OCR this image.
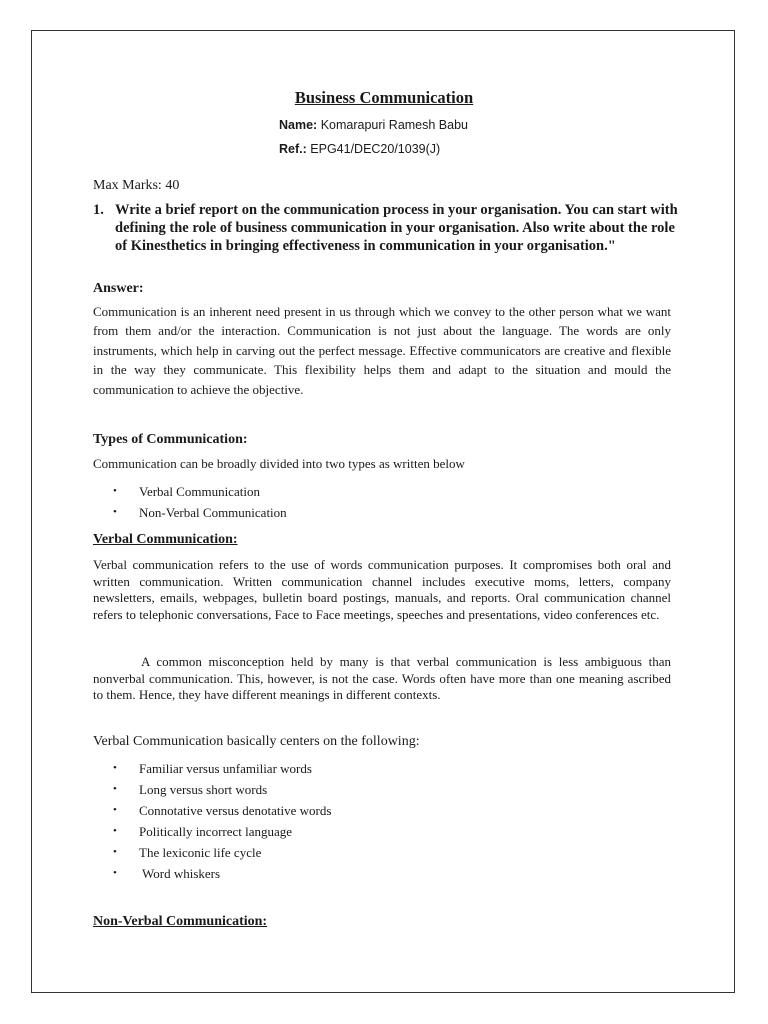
Business Communication

Name: Komarapuri Ramesh Babu

Ref.: EPG41/DEC20/1039(J)

Max Marks: 40

1. Write a brief report on the communication process in your organisation. You can start with defining the role of business communication in your organisation. Also write about the role of Kinesthetics in bringing effectiveness in communication in your organisation."

Answer:

Communication is an inherent need present in us through which we convey to the other person what we want from them and/or the interaction. Communication is not just about the language. The words are only instruments, which help in carving out the perfect message. Effective communicators are creative and flexible in the way they communicate. This flexibility helps them and adapt to the situation and mould the communication to achieve the objective.

Types of Communication:

Communication can be broadly divided into two types as written below

• Verbal Communication
• Non-Verbal Communication

Verbal Communication:

Verbal communication refers to the use of words communication purposes. It compromises both oral and written communication. Written communication channel includes executive moms, letters, company newsletters, emails, webpages, bulletin board postings, manuals, and reports. Oral communication channel refers to telephonic conversations, Face to Face meetings, speeches and presentations, video conferences etc.

A common misconception held by many is that verbal communication is less ambiguous than nonverbal communication. This, however, is not the case. Words often have more than one meaning ascribed to them. Hence, they have different meanings in different contexts.

Verbal Communication basically centers on the following:

• Familiar versus unfamiliar words
• Long versus short words
• Connotative versus denotative words
• Politically incorrect language
• The lexiconic life cycle
• Word whiskers

Non-Verbal Communication:
